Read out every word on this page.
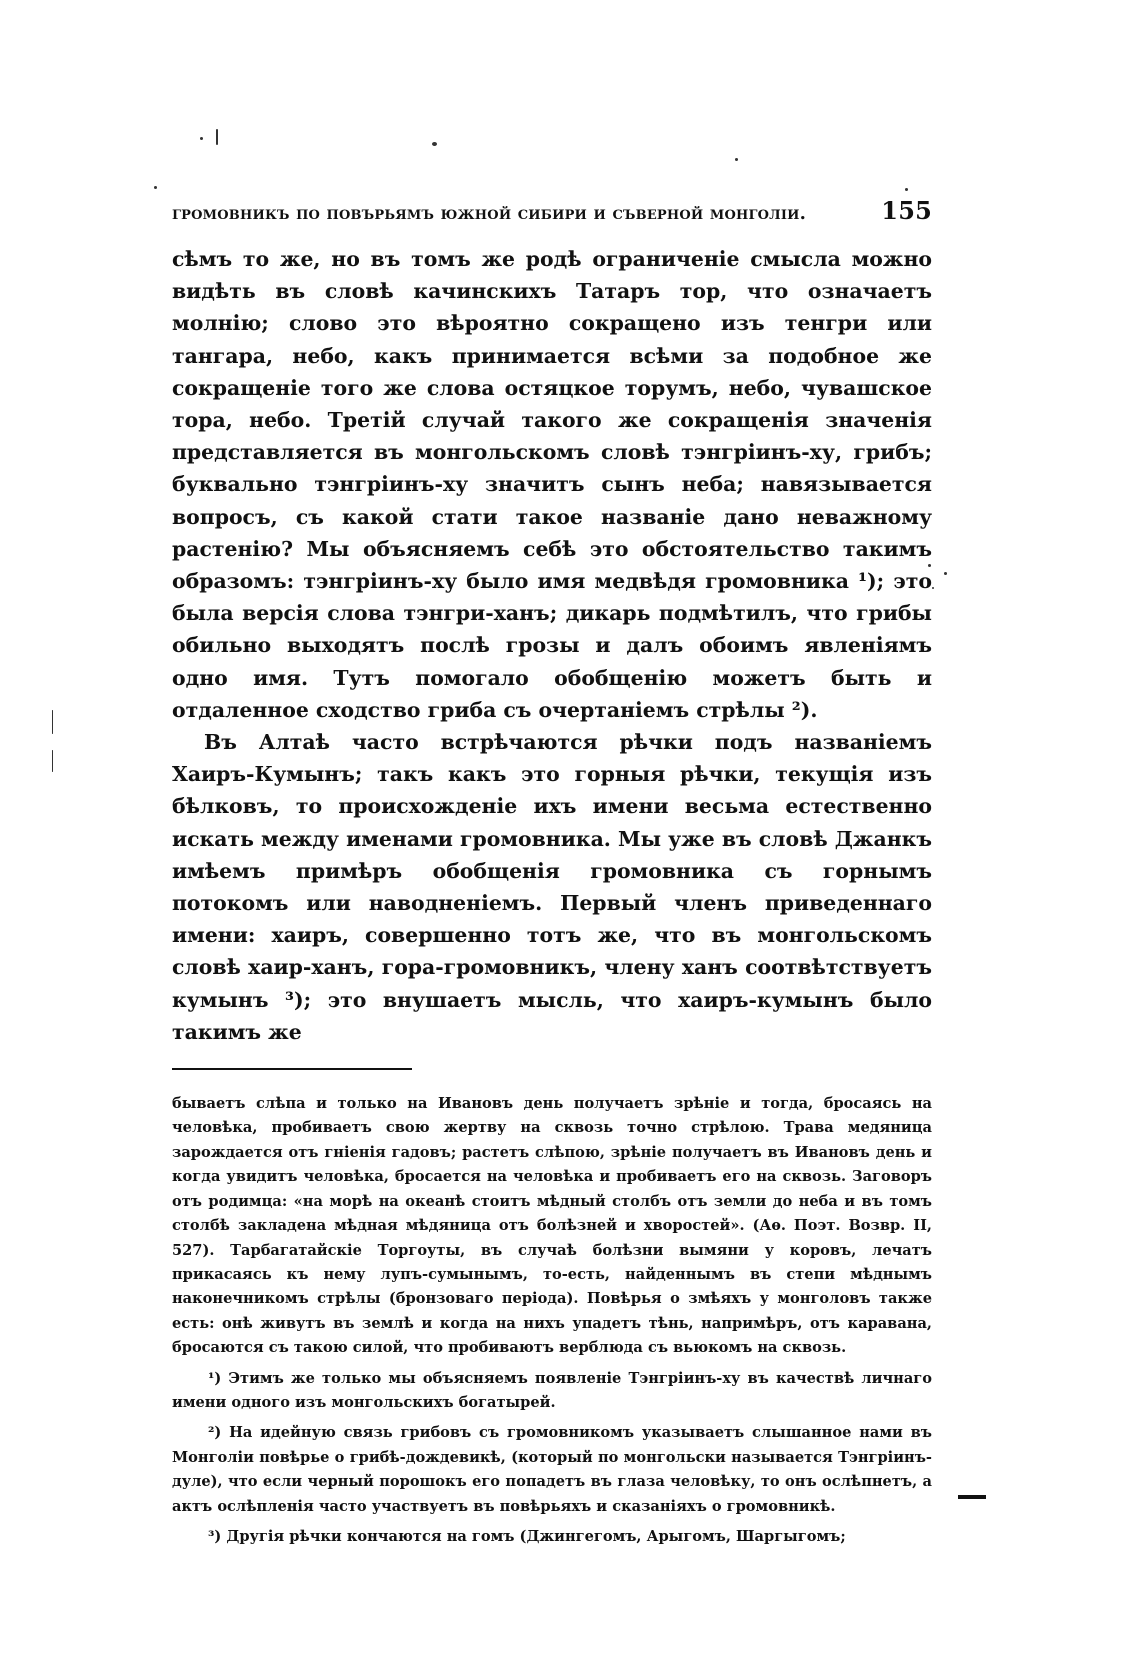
громовникъ по повърьямъ южной сибири и съверной монголіи.	155

сѣмъ то же, но въ томъ же родѣ ограниченіе смысла можно видѣть въ словѣ качинскихъ Татаръ тор, что означаетъ молнію; слово это вѣроятно сокращено изъ тенгри или тангара, небо, какъ принимается всѣми за подобное же сокращеніе того же слова остяцкое торумъ, небо, чувашское тора, небо. Третій случай такого же сокращенія значенія представляется въ монгольскомъ словѣ тэнгріинъ-ху, грибъ; буквально тэнгріинъ-ху значитъ сынъ неба; навязывается вопросъ, съ какой стати такое названіе дано неважному растенію? Мы объясняемъ себѣ это обстоятельство такимъ образомъ: тэнгріинъ-ху было имя медвѣдя громовника ¹); это была версія слова тэнгри-ханъ; дикарь подмѣтилъ, что грибы обильно выходятъ послѣ грозы и далъ обоимъ явленіямъ одно имя. Тутъ помогало обобщенію можетъ быть и отдаленное сходство гриба съ очертаніемъ стрѣлы ²).

Въ Алтаѣ часто встрѣчаются рѣчки подъ названіемъ Хаиръ-Кумынъ; такъ какъ это горныя рѣчки, текущія изъ бѣлковъ, то происхожденіе ихъ имени весьма естественно искать между именами громовника. Мы уже въ словѣ Джанкъ имѣемъ примѣръ обобщенія громовника съ горнымъ потокомъ или наводненіемъ. Первый членъ приведеннаго имени: хаиръ, совершенно тотъ же, что въ монгольскомъ словѣ хаир-ханъ, гора-громовникъ, члену ханъ соотвѣтствуетъ кумынъ ³); это внушаетъ мысль, что хаиръ-кумынъ было такимъ же

бываетъ слѣпа и только на Ивановъ день получаетъ зрѣніе и тогда, бросаясь на человѣка, пробиваетъ свою жертву на сквозь точно стрѣлою. Трава медяница зарождается отъ гніенія гадовъ; растетъ слѣпою, зрѣніе получаетъ въ Ивановъ день и когда увидитъ человѣка, бросается на человѣка и пробиваетъ его на сквозь. Заговоръ отъ родимца: «на морѣ на океанѣ стоитъ мѣдный столбъ отъ земли до неба и въ томъ столбѣ закладена мѣдная мѣдяница отъ болѣзней и хворостей». (Аѳ. Поэт. Возвр. II, 527). Тарбагатайскіе Торгоуты, въ случаѣ болѣзни вымяни у коровъ, лечатъ прикасаясь къ нему лупъ-сумынымъ, то-есть, найденнымъ въ степи мѣднымъ наконечникомъ стрѣлы (бронзоваго періода). Повѣрья о змѣяхъ у монголовъ также есть: онѣ живутъ въ землѣ и когда на нихъ упадетъ тѣнь, напримѣръ, отъ каравана, бросаются съ такою силой, что пробиваютъ верблюда съ вьюкомъ на сквозь.

¹) Этимъ же только мы объясняемъ появленіе Тэнгріинъ-ху въ качествѣ личнаго имени одного изъ монгольскихъ богатырей.

²) На идейную связь грибовъ съ громовникомъ указываетъ слышанное нами въ Монголіи повѣрье о грибѣ-дождевикѣ, (который по монгольски называется Тэнгріинъ-дуле), что если черный порошокъ его попадетъ въ глаза человѣку, то онъ ослѣпнетъ, а актъ ослѣпленія часто участвуетъ въ повѣрьяхъ и сказаніяхъ о громовникѣ.

³) Другія рѣчки кончаются на гомъ (Джингегомъ, Арыгомъ, Шаргыгомъ;
